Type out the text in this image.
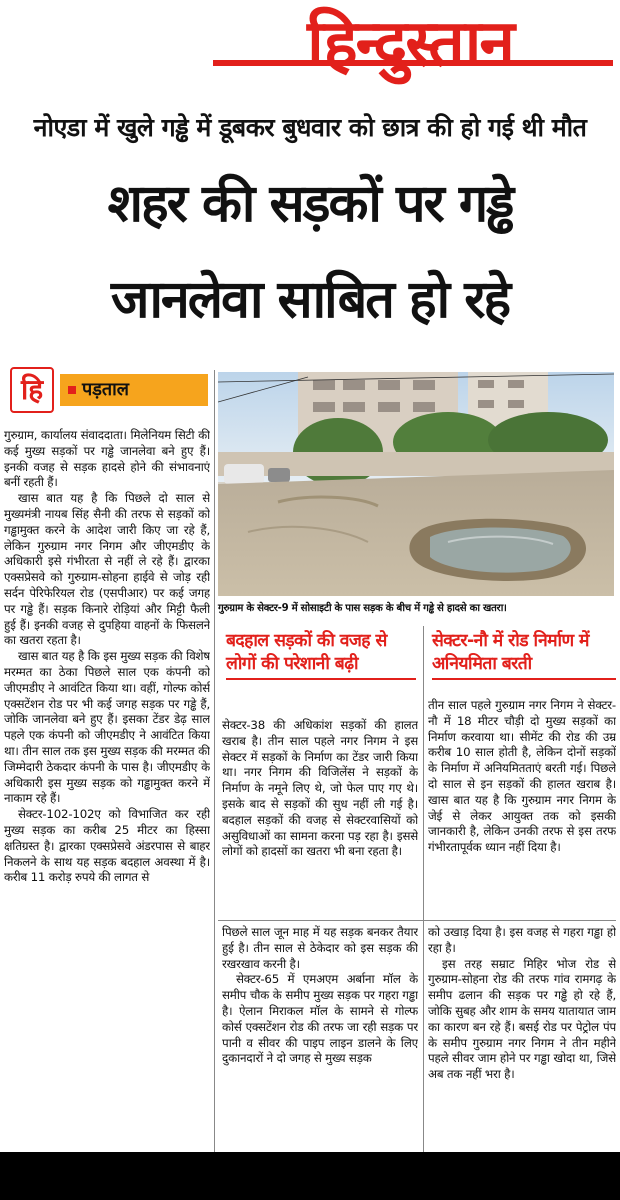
हिन्दुस्तान
नोएडा में खुले गड्ढे में डूबकर बुधवार को छात्र की हो गई थी मौत
शहर की सड़कों पर गड्ढे
जानलेवा साबित हो रहे
हि	पड़ताल
गुरुग्राम के सेक्टर-9 में सोसाइटी के पास सड़क के बीच में गड्ढे से हादसे का खतरा।

गुरुग्राम, कार्यालय संवाददाता। मिलेनियम सिटी की कई मुख्य सड़कों पर गड्ढे जानलेवा बने हुए हैं। इनकी वजह से सड़क हादसे होने की संभावनाएं बनीं रहती हैं।

खास बात यह है कि पिछले दो साल से मुख्यमंत्री नायब सिंह सैनी की तरफ से सड़कों को गड्ढामुक्त करने के आदेश जारी किए जा रहे हैं, लेकिन गुरुग्राम नगर निगम और जीएमडीए के अधिकारी इसे गंभीरता से नहीं ले रहे हैं। द्वारका एक्सप्रेसवे को गुरुग्राम-सोहना हाईवे से जोड़ रही सर्दन पेरिफेरियल रोड (एसपीआर) पर कई जगह पर गड्ढे हैं। सड़क किनारे रोड़ियां और मिट्टी फैली हुई हैं। इनकी वजह से दुपहिया वाहनों के फिसलने का खतरा रहता है।

खास बात यह है कि इस मुख्य सड़क की विशेष मरम्मत का ठेका पिछले साल एक कंपनी को जीएमडीए ने आवंटित किया था। वहीं, गोल्फ कोर्स एक्सटेंशन रोड पर भी कई जगह सड़क पर गड्ढे हैं, जोकि जानलेवा बने हुए हैं। इसका टेंडर डेढ़ साल पहले एक कंपनी को जीएमडीए ने आवंटित किया था। तीन साल तक इस मुख्य सड़क की मरम्मत की जिम्मेदारी ठेकदार कंपनी के पास है। जीएमडीए के अधिकारी इस मुख्य सड़क को गड्ढामुक्त करने में नाकाम रहे हैं।

सेक्टर-102-102ए को विभाजित कर रही मुख्य सड़क का करीब 25 मीटर का हिस्सा क्षतिग्रस्त है। द्वारका एक्सप्रेसवे अंडरपास से बाहर निकलने के साथ यह सड़क बदहाल अवस्था में है। करीब 11 करोड़ रुपये की लागत से

बदहाल सड़कों की वजह से लोगों की परेशानी बढ़ी

सेक्टर-38 की अधिकांश सड़कों की हालत खराब है। तीन साल पहले नगर निगम ने इस सेक्टर में सड़कों के निर्माण का टेंडर जारी किया था। नगर निगम की विजिलेंस ने सड़कों के निर्माण के नमूने लिए थे, जो फेल पाए गए थे। इसके बाद से सड़कों की सुध नहीं ली गई है। बदहाल सड़कों की वजह से सेक्टरवासियों को असुविधाओं का सामना करना पड़ रहा है। इससे लोगों को हादसों का खतरा भी बना रहता है।

सेक्टर-नौ में रोड निर्माण में अनियमिता बरती

तीन साल पहले गुरुग्राम नगर निगम ने सेक्टर-नौ में 18 मीटर चौड़ी दो मुख्य सड़कों का निर्माण करवाया था। सीमेंट की रोड की उम्र करीब 10 साल होती है, लेकिन दोनों सड़कों के निर्माण में अनियमितताएं बरती गई। पिछले दो साल से इन सड़कों की हालत खराब है। खास बात यह है कि गुरुग्राम नगर निगम के जेई से लेकर आयुक्त तक को इसकी जानकारी है, लेकिन उनकी तरफ से इस तरफ गंभीरतापूर्वक ध्यान नहीं दिया है।

पिछले साल जून माह में यह सड़क बनकर तैयार हुई है। तीन साल से ठेकेदार को इस सड़क की रखरखाव करनी है।

सेक्टर-65 में एमअएम अर्बाना मॉल के समीप चौक के समीप मुख्य सड़क पर गहरा गड्ढा है। ऐलान मिराकल मॉल के सामने से गोल्फ कोर्स एक्सटेंशन रोड की तरफ जा रही सड़क पर पानी व सीवर की पाइप लाइन डालने के लिए दुकानदारों ने दो जगह से मुख्य सड़क

को उखाड़ दिया है। इस वजह से गहरा गड्ढा हो रहा है।

इस तरह सम्राट मिहिर भोज रोड से गुरुग्राम-सोहना रोड की तरफ गांव रामगढ़ के समीप ढलान की सड़क पर गड्ढे हो रहे हैं, जोकि सुबह और शाम के समय यातायात जाम का कारण बन रहे हैं। बसई रोड पर पेट्रोल पंप के समीप गुरुग्राम नगर निगम ने तीन महीने पहले सीवर जाम होने पर गड्ढा खोदा था, जिसे अब तक नहीं भरा है।
